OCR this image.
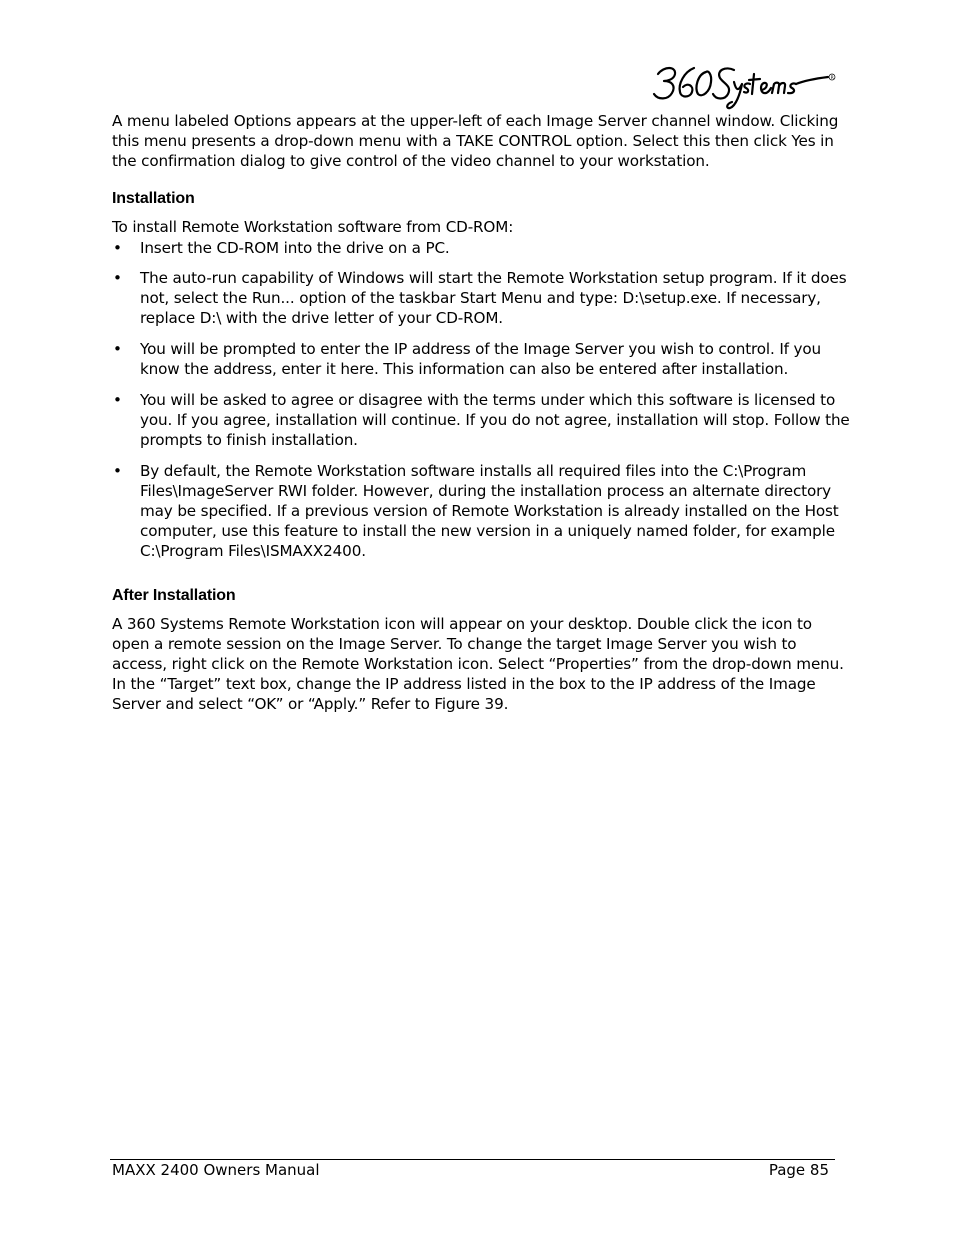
R

A menu labeled Options appears at the upper-left of each Image Server channel window. Clicking this menu presents a drop-down menu with a TAKE CONTROL option. Select this then click Yes in the confirmation dialog to give control of the video channel to your workstation.

Installation

To install Remote Workstation software from CD-ROM:

• Insert the CD-ROM into the drive on a PC.
• The auto-run capability of Windows will start the Remote Workstation setup program. If it does not, select the Run... option of the taskbar Start Menu and type: D:\setup.exe. If necessary, replace D:\ with the drive letter of your CD-ROM.
• You will be prompted to enter the IP address of the Image Server you wish to control. If you know the address, enter it here. This information can also be entered after installation.
• You will be asked to agree or disagree with the terms under which this software is licensed to you. If you agree, installation will continue. If you do not agree, installation will stop. Follow the prompts to finish installation.
• By default, the Remote Workstation software installs all required files into the C:\Program Files\ImageServer RWI folder. However, during the installation process an alternate directory may be specified. If a previous version of Remote Workstation is already installed on the Host computer, use this feature to install the new version in a uniquely named folder, for example C:\Program Files\ISMAXX2400.
After Installation

A 360 Systems Remote Workstation icon will appear on your desktop. Double click the icon to open a remote session on the Image Server. To change the target Image Server you wish to access, right click on the Remote Workstation icon. Select “Properties” from the drop-down menu. In the “Target” text box, change the IP address listed in the box to the IP address of the Image Server and select “OK” or “Apply.” Refer to Figure 39.

MAXX 2400 Owners Manual	Page 85
